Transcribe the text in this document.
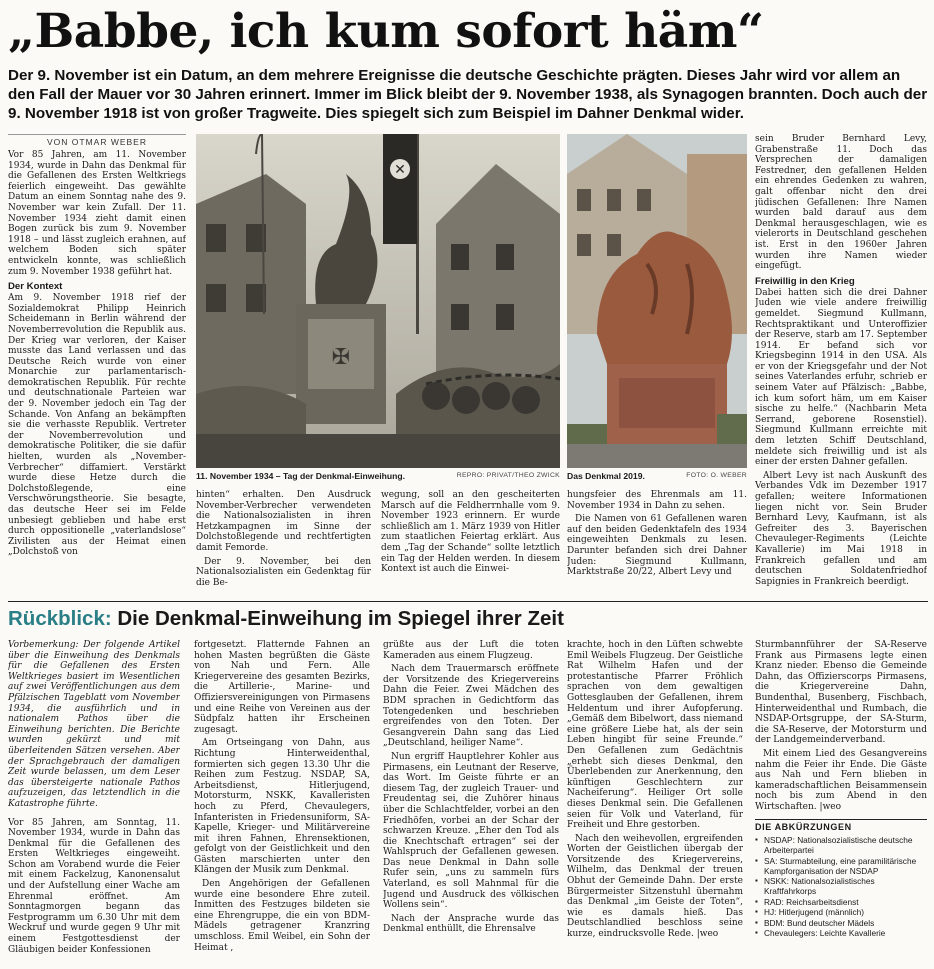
„Babbe, ich kum sofort häm“

Der 9. November ist ein Datum, an dem mehrere Ereignisse die deutsche Geschichte prägten. Dieses Jahr wird vor allem an den Fall der Mauer vor 30 Jahren erinnert. Immer im Blick bleibt der 9. November 1938, als Synagogen brannten. Doch auch der 9. November 1918 ist von großer Tragweite. Dies spiegelt sich zum Beispiel im Dahner Denkmal wider.

VON OTMAR WEBER

Vor 85 Jahren, am 11. November 1934, wurde in Dahn das Denkmal für die Gefallenen des Ersten Weltkriegs feierlich eingeweiht. Das gewählte Datum an einem Sonntag nahe des 9. November war kein Zufall. Der 11. November 1934 zieht damit einen Bogen zurück bis zum 9. November 1918 – und lässt zugleich erahnen, auf welchem Boden sich später entwickeln konnte, was schließlich zum 9. November 1938 geführt hat.

Der Kontext

Am 9. November 1918 rief der Sozialdemokrat Philipp Heinrich Scheidemann in Berlin während der Novemberrevolution die Republik aus. Der Krieg war verloren, der Kaiser musste das Land verlassen und das Deutsche Reich wurde von einer Monarchie zur parlamentarisch-demokratischen Republik. Für rechte und deutschnationale Parteien war der 9. November jedoch ein Tag der Schande. Von Anfang an bekämpften sie die verhasste Republik. Vertreter der Novemberrevolution und demokratische Politiker, die sie dafür hielten, wurden als „November-Verbrecher“ diffamiert. Verstärkt wurde diese Hetze durch die Dolchstoßlegende, eine Verschwörungstheorie. Sie besagte, das deutsche Heer sei im Felde unbesiegt geblieben und habe erst durch oppositionelle „vaterlandslose“ Zivilisten aus der Heimat einen „Dolchstoß von

✕
✠
11. November 1934 – Tag der Denkmal-Einweihung.	REPRO: PRIVAT/THEO ZWICK Das Denkmal 2019.	FOTO: O. WEBER

hinten“ erhalten. Den Ausdruck November-Verbrecher verwendeten die Nationalsozialisten in ihren Hetzkampagnen im Sinne der Dolchstoßlegende und rechtfertigten damit Femorde.

Der 9. November, bei den Nationalsozialisten ein Gedenktag für die Be-

wegung, soll an den gescheiterten Marsch auf die Feldherrnhalle vom 9. November 1923 erinnern. Er wurde schließlich am 1. März 1939 von Hitler zum staatlichen Feiertag erklärt. Aus dem „Tag der Schande“ sollte letztlich ein Tag der Helden werden. In diesem Kontext ist auch die Einwei-

hungsfeier des Ehrenmals am 11. November 1934 in Dahn zu sehen.

Die Namen von 61 Gefallenen waren auf den beiden Gedenktafeln des 1934 eingeweihten Denkmals zu lesen. Darunter befanden sich drei Dahner Juden: Siegmund Kullmann, Marktstraße 20/22, Albert Levy und

sein Bruder Bernhard Levy, Grabenstraße 11. Doch das Versprechen der damaligen Festredner, den gefallenen Helden ein ehrendes Gedenken zu wahren, galt offenbar nicht den drei jüdischen Gefallenen: Ihre Namen wurden bald darauf aus dem Denkmal herausgeschlagen, wie es vielerorts in Deutschland geschehen ist. Erst in den 1960er Jahren wurden ihre Namen wieder eingefügt.

Freiwillig in den Krieg

Dabei hatten sich die drei Dahner Juden wie viele andere freiwillig gemeldet. Siegmund Kullmann, Rechtspraktikant und Unteroffizier der Reserve, starb am 17. September 1914. Er befand sich vor Kriegsbeginn 1914 in den USA. Als er von der Kriegsgefahr und der Not seines Vaterlandes erfuhr, schrieb er seinem Vater auf Pfälzisch: „Babbe, ich kum sofort häm, um em Kaiser sische zu helfe.“ (Nachbarin Meta Serrand, geborene Rosenstiel). Siegmund Kullmann erreichte mit dem letzten Schiff Deutschland, meldete sich freiwillig und ist als einer der ersten Dahner gefallen.

Albert Levy ist nach Auskunft des Verbandes Vdk im Dezember 1917 gefallen; weitere Informationen liegen nicht vor. Sein Bruder Bernhard Levy, Kaufmann, ist als Gefreiter des 3. Bayerischen Chevauleger-Regiments (Leichte Kavallerie) im Mai 1918 in Frankreich gefallen und am deutschen Soldatenfriedhof Sapignies in Frankreich beerdigt.

Rückblick: Die Denkmal-Einweihung im Spiegel ihrer Zeit

Vorbemerkung: Der folgende Artikel über die Einweihung des Denkmals für die Gefallenen des Ersten Weltkrieges basiert im Wesentlichen auf zwei Veröffentlichungen aus dem Pfälzischen Tageblatt vom November 1934, die ausführlich und in nationalem Pathos über die Einweihung berichten. Die Berichte wurden gekürzt und mit überleitenden Sätzen versehen. Aber der Sprachgebrauch der damaligen Zeit wurde belassen, um dem Leser das übersteigerte nationale Pathos aufzuzeigen, das letztendlich in die Katastrophe führte.

Vor 85 Jahren, am Sonntag, 11. November 1934, wurde in Dahn das Denkmal für die Gefallenen des Ersten Weltkrieges eingeweiht. Schon am Vorabend wurde die Feier mit einem Fackelzug, Kanonensalut und der Aufstellung einer Wache am Ehrenmal eröffnet. Am Sonntagmorgen begann das Festprogramm um 6.30 Uhr mit dem Weckruf und wurde gegen 9 Uhr mit einem Festgottesdienst der Gläubigen beider Konfessionen

fortgesetzt. Flatternde Fahnen an hohen Masten begrüßten die Gäste von Nah und Fern. Alle Kriegervereine des gesamten Bezirks, die Artillerie-, Marine- und Offiziersvereinigungen von Pirmasens und eine Reihe von Vereinen aus der Südpfalz hatten ihr Erscheinen zugesagt.

Am Ortseingang von Dahn, aus Richtung Hinterweidenthal, formierten sich gegen 13.30 Uhr die Reihen zum Festzug. NSDAP, SA, Arbeitsdienst, Hitlerjugend, Motorsturm, NSKK, Kavalleristen hoch zu Pferd, Chevaulegers, Infanteristen in Friedensuniform, SA-Kapelle, Krieger- und Militärvereine mit ihren Fahnen, Ehrensektionen, gefolgt von der Geistlichkeit und den Gästen marschierten unter den Klängen der Musik zum Denkmal.

Den Angehörigen der Gefallenen wurde eine besondere Ehre zuteil. Inmitten des Festzuges bildeten sie eine Ehrengruppe, die ein von BDM-Mädels getragener Kranzring umschloss. Emil Weibel, ein Sohn der Heimat ,

grüßte aus der Luft die toten Kameraden aus einem Flugzeug.

Nach dem Trauermarsch eröffnete der Vorsitzende des Kriegervereins Dahn die Feier. Zwei Mädchen des BDM sprachen in Gedichtform das Totengedenken und beschrieben ergreifendes von den Toten. Der Gesangverein Dahn sang das Lied „Deutschland, heiliger Name“.

Nun ergriff Hauptlehrer Kohler aus Pirmasens, ein Leutnant der Reserve, das Wort. Im Geiste führte er an diesem Tag, der zugleich Trauer- und Freudentag sei, die Zuhörer hinaus über die Schlachtfelder, vorbei an den Friedhöfen, vorbei an der Schar der schwarzen Kreuze. „Eher den Tod als die Knechtschaft ertragen“ sei der Wahlspruch der Gefallenen gewesen. Das neue Denkmal in Dahn solle Rufer sein, „uns zu sammeln fürs Vaterland, es soll Mahnmal für die Jugend und Ausdruck des völkischen Wollens sein“.

Nach der Ansprache wurde das Denkmal enthüllt, die Ehrensalve

krachte, hoch in den Lüften schwebte Emil Weibels Flugzeug. Der Geistliche Rat Wilhelm Hafen und der protestantische Pfarrer Fröhlich sprachen von dem gewaltigen Gottesglauben der Gefallenen, ihrem Heldentum und ihrer Aufopferung. „Gemäß dem Bibelwort, dass niemand eine größere Liebe hat, als der sein Leben hingibt für seine Freunde.“ Den Gefallenen zum Gedächtnis „erhebt sich dieses Denkmal, den Überlebenden zur Anerkennung, den künftigen Geschlechtern zur Nacheiferung“. Heiliger Ort solle dieses Denkmal sein. Die Gefallenen seien für Volk und Vaterland, für Freiheit und Ehre gestorben.

Nach den weihevollen, ergreifenden Worten der Geistlichen übergab der Vorsitzende des Kriegervereins, Wilhelm, das Denkmal der treuen Obhut der Gemeinde Dahn. Der erste Bürgermeister Sitzenstuhl übernahm das Denkmal „im Geiste der Toten“, wie es damals hieß. Das Deutschlandlied beschloss seine kurze, eindrucksvolle Rede. |weo

Sturmbannführer der SA-Reserve Frank aus Pirmasens legte einen Kranz nieder. Ebenso die Gemeinde Dahn, das Offizierscorps Pirmasens, die Kriegervereine Dahn, Bundenthal, Busenberg, Fischbach, Hinterweidenthal und Rumbach, die NSDAP-Ortsgruppe, der SA-Sturm, die SA-Reserve, der Motorsturm und der Landgemeinderverband.

Mit einem Lied des Gesangvereins nahm die Feier ihr Ende. Die Gäste aus Nah und Fern blieben in kameradschaftlichen Beisammensein noch bis zum Abend in den Wirtschaften. |weo

DIE ABKÜRZUNGEN
▪ NSDAP: Nationalsozialistische deutsche Arbeiterpartei
▪ SA: Sturmabteilung, eine paramilitärische Kampforganisation der NSDAP
▪ NSKK: Nationalsozialistisches Kraftfahrkorps
▪ RAD: Reichsarbeitsdienst
▪ HJ: Hitlerjugend (männlich)
▪ BDM: Bund deutscher Mädels
▪ Chevaulegers: Leichte Kavallerie
